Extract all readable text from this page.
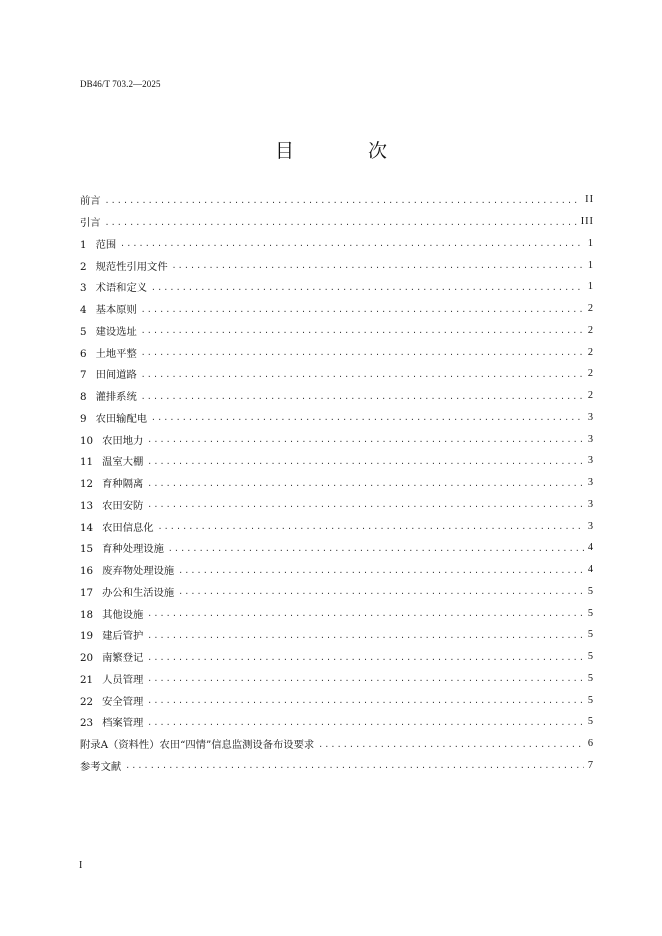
DB46/T 703.2—2025
目 次
前言 .....	II
引言 .....	III
1 范围 .....	1
2 规范性引用文件 .....	1
3 术语和定义 .....	1
4 基本原则 .....	2
5 建设选址 .....	2
6 土地平整 .....	2
7 田间道路 .....	2
8 灌排系统 .....	2
9 农田输配电 .....	3
10 农田地力 .....	3
11 温室大棚 .....	3
12 育种隔离 .....	3
13 农田安防 .....	3
14 农田信息化 .....	3
15 育种处理设施 .....	4
16 废弃物处理设施 .....	4
17 办公和生活设施 .....	5
18 其他设施 .....	5
19 建后管护 .....	5
20 南繁登记 .....	5
21 人员管理 .....	5
22 安全管理 .....	5
23 档案管理 .....	5
附录A（资料性）农田“四情”信息监测设备布设要求 .....	6
参考文献 .....	7
I
